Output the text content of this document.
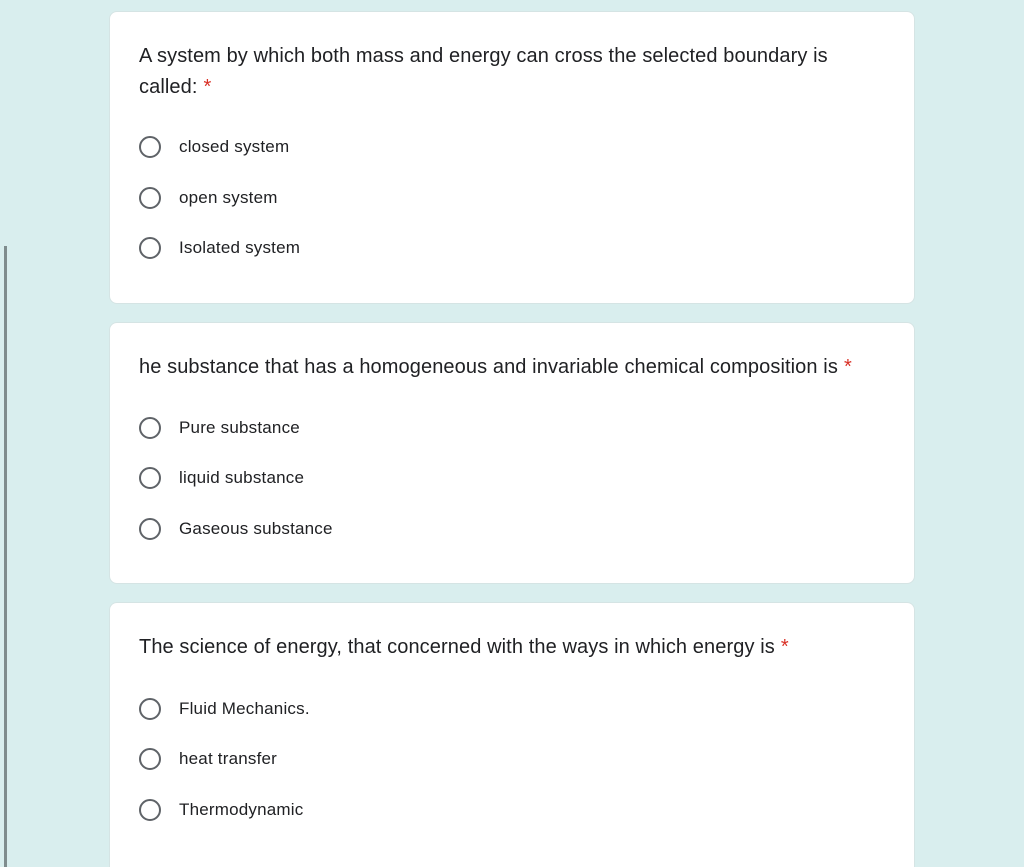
A system by which both mass and energy can cross the selected boundary is called: *
closed system
open system
Isolated system
he substance that has a homogeneous and invariable chemical composition is *
Pure substance
liquid substance
Gaseous substance
The science of energy, that concerned with the ways in which energy is *
Fluid Mechanics.
heat transfer
Thermodynamic
